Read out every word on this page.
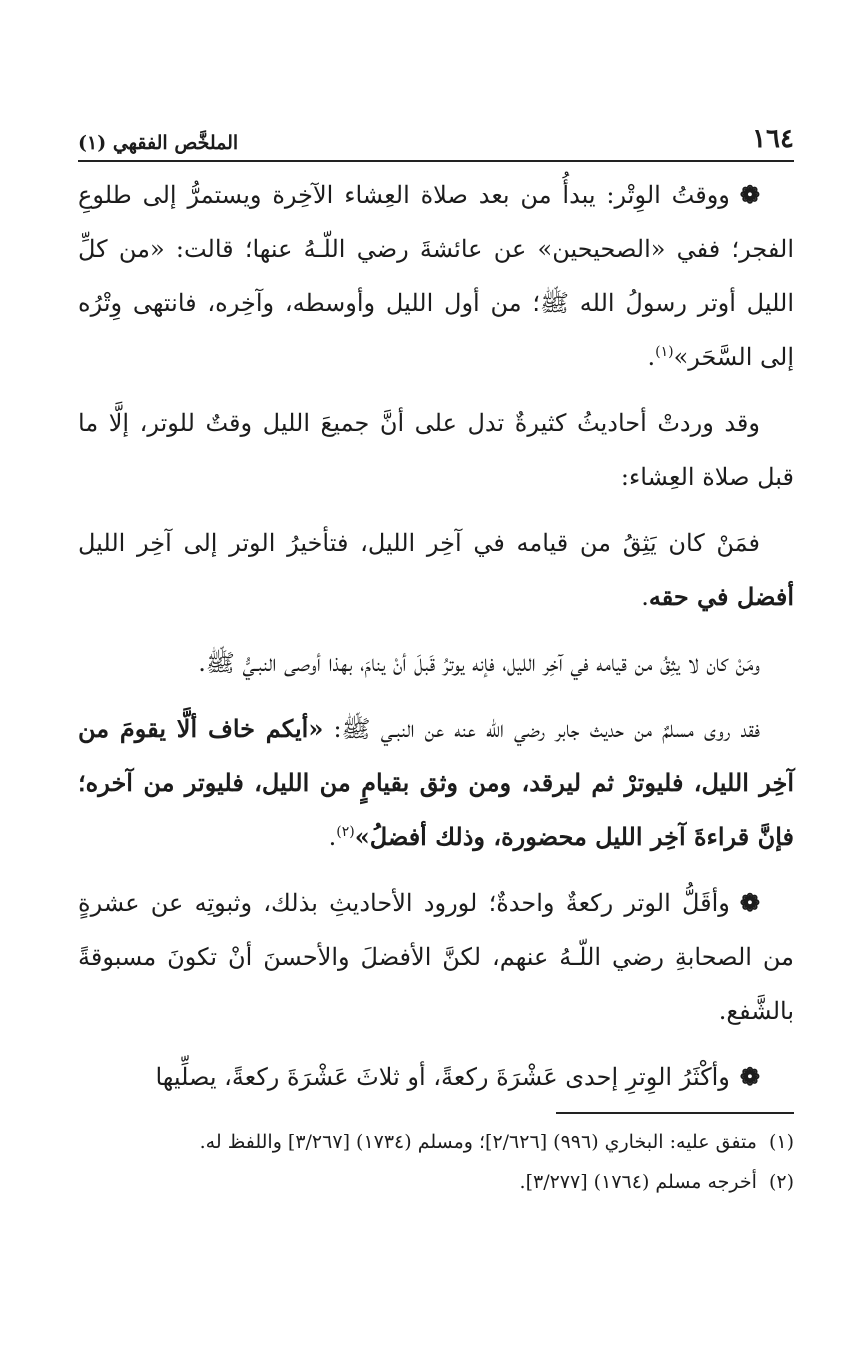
الملخَّص الفقهي (١)	١٦٤

❁ووقتُ الوِتْر: يبدأُ من بعد صلاة العِشاء الآخِرة ويستمرُّ إلى طلوعِ الفجر؛ ففي «الصحيحين» عن عائشةَ رضي اللّـهُ عنها؛ قالت: «من كلِّ الليل أوتر رسولُ الله ﷺ؛ من أول الليل وأوسطه، وآخِره، فانتهى وِتْرُه إلى السَّحَر»$^{(١)}$.

وقد وردتْ أحاديثُ كثيرةٌ تدل على أنَّ جميعَ الليل وقتٌ للوتر، إلَّا ما قبل صلاة العِشاء:

فمَنْ كان يَثِقُ من قيامه في آخِر الليل، فتأخيرُ الوتر إلى آخِر الليل أفضل في حقه.

ومَنْ كان لا يثِقُ من قيامه في آخِر الليل، فإنه يوترُ قَبلَ أنْ ينامَ، بهذا أوصى النبـيُّ ﷺ.

فقد روى مسلمٌ من حديث جابر رضي الله عنه عن النبـي ﷺ: «أيكم خاف ألَّا يقومَ من آخِر الليل، فليوترْ ثم ليرقد، ومن وثق بقيامٍ من الليل، فليوتر من آخره؛ فإنَّ قراءةَ آخِر الليل محضورة، وذلك أفضلُ»$^{(٢)}$.

❁وأقَلُّ الوتر ركعةٌ واحدةٌ؛ لورود الأحاديثِ بذلك، وثبوتِه عن عشرةٍ من الصحابةِ رضي اللّـهُ عنهم، لكنَّ الأفضلَ والأحسنَ أنْ تكونَ مسبوقةً بالشَّفع.

❁وأكْثَرُ الوِترِ إحدى عَشْرَةَ ركعةً، أو ثلاثَ عَشْرَةَ ركعةً، يصلِّيها

(١)متفق عليه: البخاري (٩٩٦) [٢/٦٢٦]؛ ومسلم (١٧٣٤) [٣/٢٦٧] واللفظ له.

(٢)أخرجه مسلم (١٧٦٤) [٣/٢٧٧].
